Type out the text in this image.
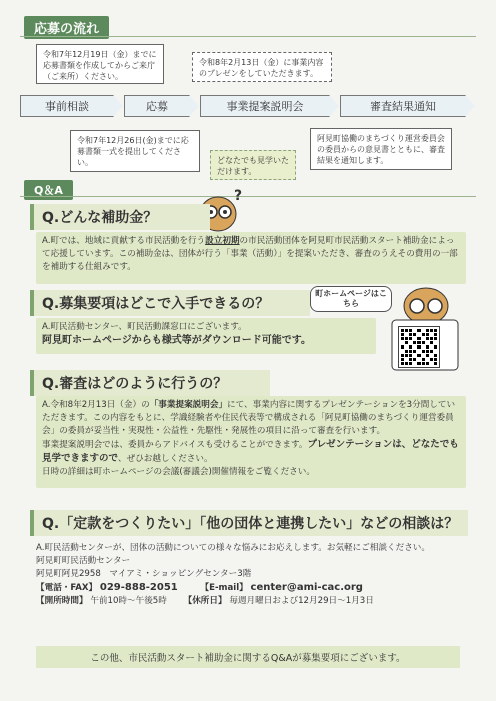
応募の流れ
令和7年12月19日（金）までに応募書類を作成してからご来庁（ご来所）ください。
令和8年2月13日（金）に事業内容のプレゼンをしていただきます。
事前相談	応募	事業提案説明会	審査結果通知
令和7年12月26日(金)までに応募書類一式を提出してください。	どなたでも見学いただけます。
阿見町協働のまちづくり運営委員会の委員からの意見書とともに、審査結果を通知します。
Q＆A	?
Q.どんな補助金？
A.町では、地域に貢献する市民活動を行う設立初期の市民活動団体を阿見町市民活動スタート補助金によって応援しています。この補助金は、団体が行う「事業（活動）」を提案いただき、審査のうえその費用の一部を補助する仕組みです。
Q.募集要項はどこで入手できるの？
町ホームページはこちら
A.町民活動センター、町民活動課窓口にございます。
阿見町ホームページからも様式等がダウンロード可能です。
Q.審査はどのように行うの？
A.令和8年2月13日（金）の「事業提案説明会」にて、事業内容に関するプレゼンテーションを3分間していただきます。この内容をもとに、学識経験者や住民代表等で構成される「阿見町協働のまちづくり運営委員会」の委員が妥当性・実現性・公益性・先駆性・発展性の項目に沿って審査を行います。
事業提案説明会では、委員からアドバイスも受けることができます。プレゼンテーションは、どなたでも見学できますので、ぜひお越しください。
日時の詳細は町ホームページの会議(審議会)開催情報をご覧ください。
Q.「定款をつくりたい」「他の団体と連携したい」などの相談は？
A.町民活動センターが、団体の活動についての様々な悩みにお応えします。お気軽にご相談ください。
阿見町町民活動センター
阿見町阿見2958　マイアミ・ショッピングセンター3階
【電話・FAX】 029-888-2051	【E-mail】 center@ami-cac.org
【開所時間】 午前10時～午後5時 【休所日】 毎週月曜日および12月29日～1月3日
この他、市民活動スタート補助金に関するQ&Aが募集要項にございます。
